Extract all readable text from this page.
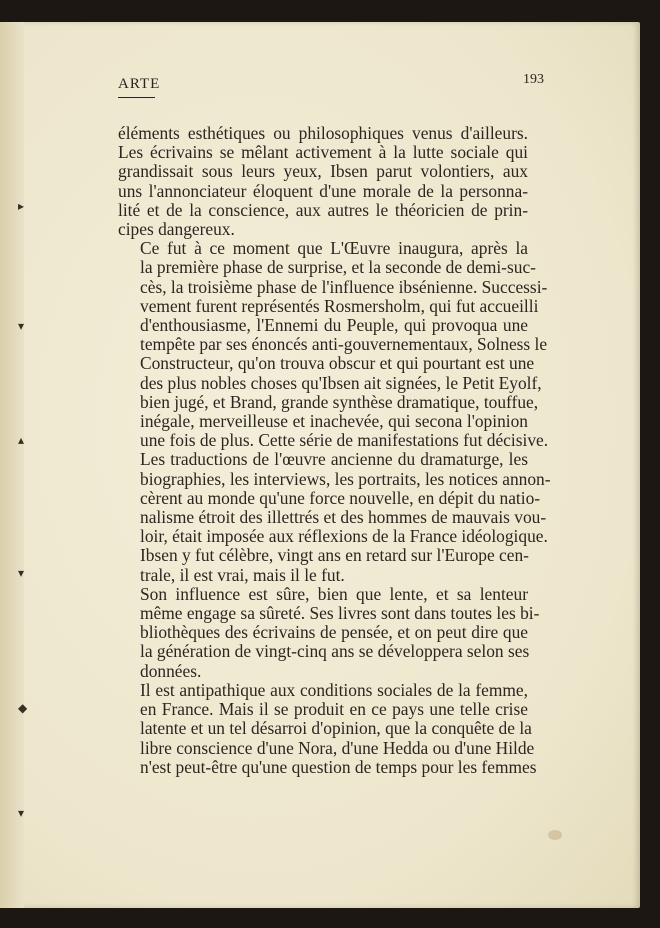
▸
▾
▴
▾
◆
▾
ARTE	193

éléments esthétiques ou philosophiques venus d'ailleurs.
Les écrivains se mêlant activement à la lutte sociale qui
grandissait sous leurs yeux, Ibsen parut volontiers, aux
uns l'annonciateur éloquent d'une morale de la personna-
lité et de la conscience, aux autres le théoricien de prin-
cipes dangereux.

Ce fut à ce moment que L'Œuvre inaugura, après la
la première phase de surprise, et la seconde de demi-suc-
cès, la troisième phase de l'influence ibsénienne. Successi-
vement furent représentés Rosmersholm, qui fut accueilli
d'enthousiasme, l'Ennemi du Peuple, qui provoqua une
tempête par ses énoncés anti-gouvernementaux, Solness le
Constructeur, qu'on trouva obscur et qui pourtant est une
des plus nobles choses qu'Ibsen ait signées, le Petit Eyolf,
bien jugé, et Brand, grande synthèse dramatique, touffue,
inégale, merveilleuse et inachevée, qui secona l'opinion
une fois de plus. Cette série de manifestations fut décisive.
Les traductions de l'œuvre ancienne du dramaturge, les
biographies, les interviews, les portraits, les notices annon-
cèrent au monde qu'une force nouvelle, en dépit du natio-
nalisme étroit des illettrés et des hommes de mauvais vou-
loir, était imposée aux réflexions de la France idéologique.
Ibsen y fut célèbre, vingt ans en retard sur l'Europe cen-
trale, il est vrai, mais il le fut.

Son influence est sûre, bien que lente, et sa lenteur
même engage sa sûreté. Ses livres sont dans toutes les bi-
bliothèques des écrivains de pensée, et on peut dire que
la génération de vingt-cinq ans se développera selon ses
données.

Il est antipathique aux conditions sociales de la femme,
en France. Mais il se produit en ce pays une telle crise
latente et un tel désarroi d'opinion, que la conquête de la
libre conscience d'une Nora, d'une Hedda ou d'une Hilde
n'est peut-être qu'une question de temps pour les femmes
